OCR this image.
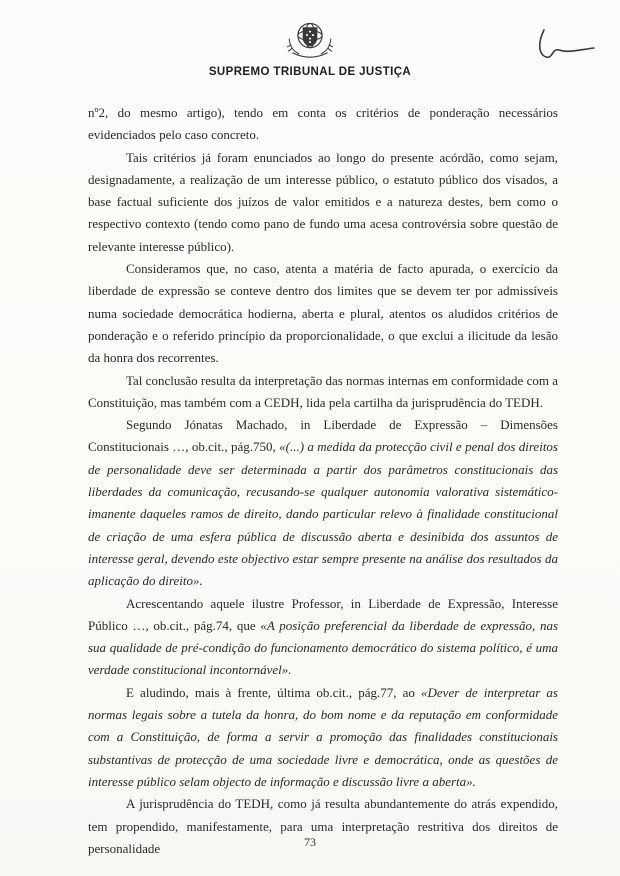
SUPREMO TRIBUNAL DE JUSTIÇA

nº2, do mesmo artigo), tendo em conta os critérios de ponderação necessários evidenciados pelo caso concreto.

Tais critérios já foram enunciados ao longo do presente acórdão, como sejam, designadamente, a realização de um interesse público, o estatuto público dos visados, a base factual suficiente dos juízos de valor emitidos e a natureza destes, bem como o respectivo contexto (tendo como pano de fundo uma acesa controvérsia sobre questão de relevante interesse público).

Consideramos que, no caso, atenta a matéria de facto apurada, o exercício da liberdade de expressão se conteve dentro dos limites que se devem ter por admissíveis numa sociedade democrática hodierna, aberta e plural, atentos os aludidos critérios de ponderação e o referido princípio da proporcionalidade, o que exclui a ilicitude da lesão da honra dos recorrentes.

Tal conclusão resulta da interpretação das normas internas em conformidade com a Constituição, mas também com a CEDH, lida pela cartilha da jurisprudência do TEDH.

Segundo Jónatas Machado, in Liberdade de Expressão – Dimensões Constitucionais …, ob.cit., pág.750, «(...) a medida da protecção civil e penal dos direitos de personalidade deve ser determinada a partir dos parâmetros constitucionais das liberdades da comunicação, recusando-se qualquer autonomia valorativa sistemático-imanente daqueles ramos de direito, dando particular relevo à finalidade constitucional de criação de uma esfera pública de discussão aberta e desinibida dos assuntos de interesse geral, devendo este objectivo estar sempre presente na análise dos resultados da aplicação do direito».

Acrescentando aquele ilustre Professor, in Liberdade de Expressão, Interesse Público …, ob.cit., pág.74, que «A posição preferencial da liberdade de expressão, nas sua qualidade de pré-condição do funcionamento democrático do sistema político, é uma verdade constitucional incontornável».

E aludindo, mais à frente, última ob.cit., pág.77, ao «Dever de interpretar as normas legais sobre a tutela da honra, do bom nome e da reputação em conformidade com a Constituição, de forma a servir a promoção das finalidades constitucionais substantivas de protecção de uma sociedade livre e democrática, onde as questões de interesse público selam objecto de informação e discussão livre a aberta».

A jurisprudência do TEDH, como já resulta abundantemente do atrás expendido, tem propendido, manifestamente, para uma interpretação restritiva dos direitos de personalidade	73
